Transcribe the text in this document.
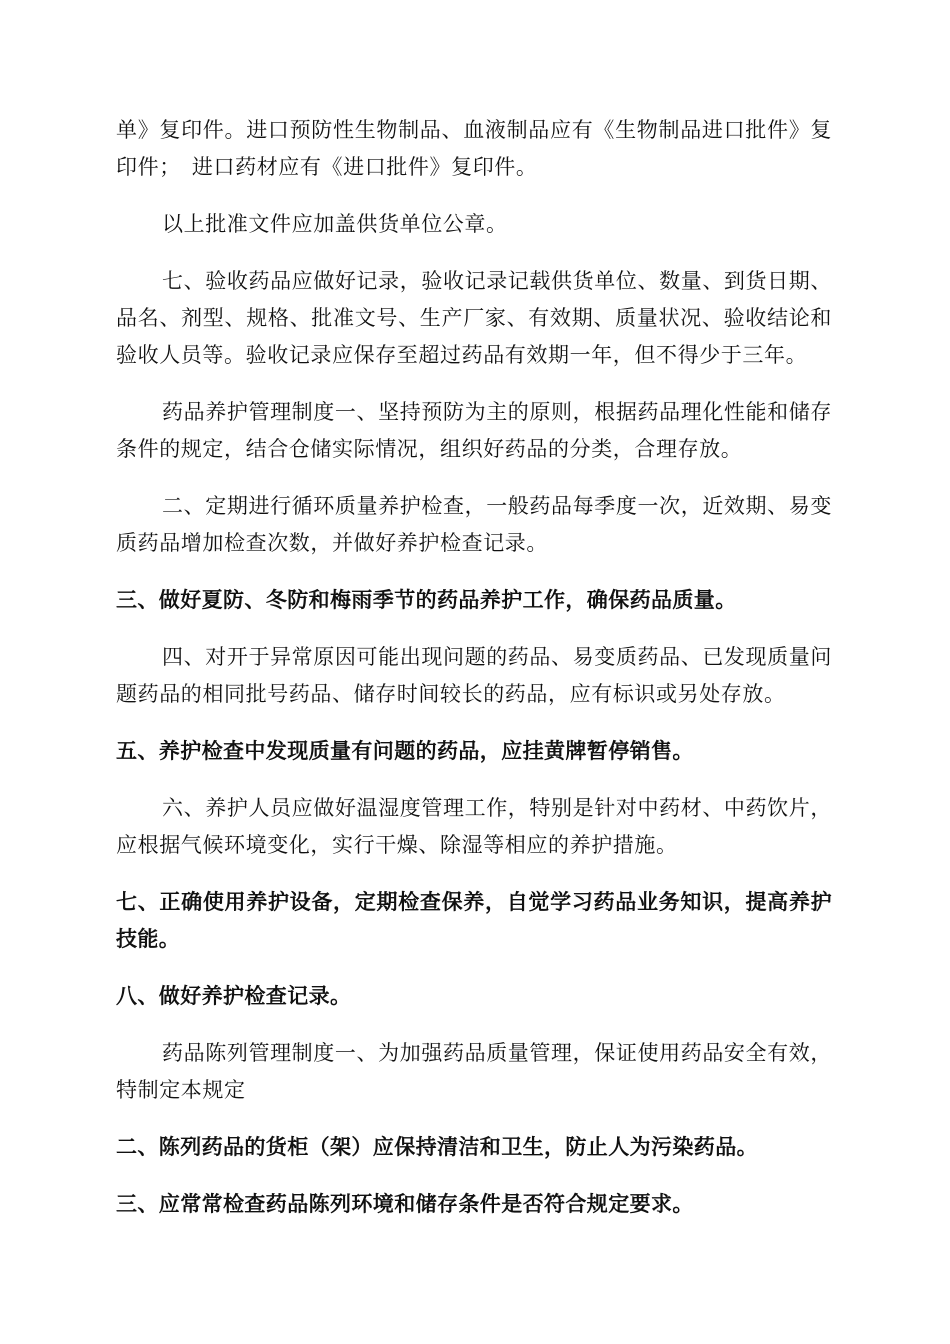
单》复印件。进口预防性生物制品、血液制品应有《生物制品进口批件》复印件；　进口药材应有《进口批件》复印件。

以上批准文件应加盖供货单位公章。

七、验收药品应做好记录，验收记录记载供货单位、数量、到货日期、品名、剂型、规格、批准文号、生产厂家、有效期、质量状况、验收结论和验收人员等。验收记录应保存至超过药品有效期一年，但不得少于三年。

药品养护管理制度一、坚持预防为主的原则，根据药品理化性能和储存条件的规定，结合仓储实际情况，组织好药品的分类，合理存放。

二、定期进行循环质量养护检查，一般药品每季度一次，近效期、易变质药品增加检查次数，并做好养护检查记录。

三、做好夏防、冬防和梅雨季节的药品养护工作，确保药品质量。

四、对开于异常原因可能出现问题的药品、易变质药品、已发现质量问题药品的相同批号药品、储存时间较长的药品，应有标识或另处存放。

五、养护检查中发现质量有问题的药品，应挂黄牌暂停销售。

六、养护人员应做好温湿度管理工作，特别是针对中药材、中药饮片，应根据气候环境变化，实行干燥、除湿等相应的养护措施。

七、正确使用养护设备，定期检查保养，自觉学习药品业务知识，提高养护技能。

八、做好养护检查记录。

药品陈列管理制度一、为加强药品质量管理，保证使用药品安全有效，特制定本规定

二、陈列药品的货柜（架）应保持清洁和卫生，防止人为污染药品。

三、应常常检查药品陈列环境和储存条件是否符合规定要求。
